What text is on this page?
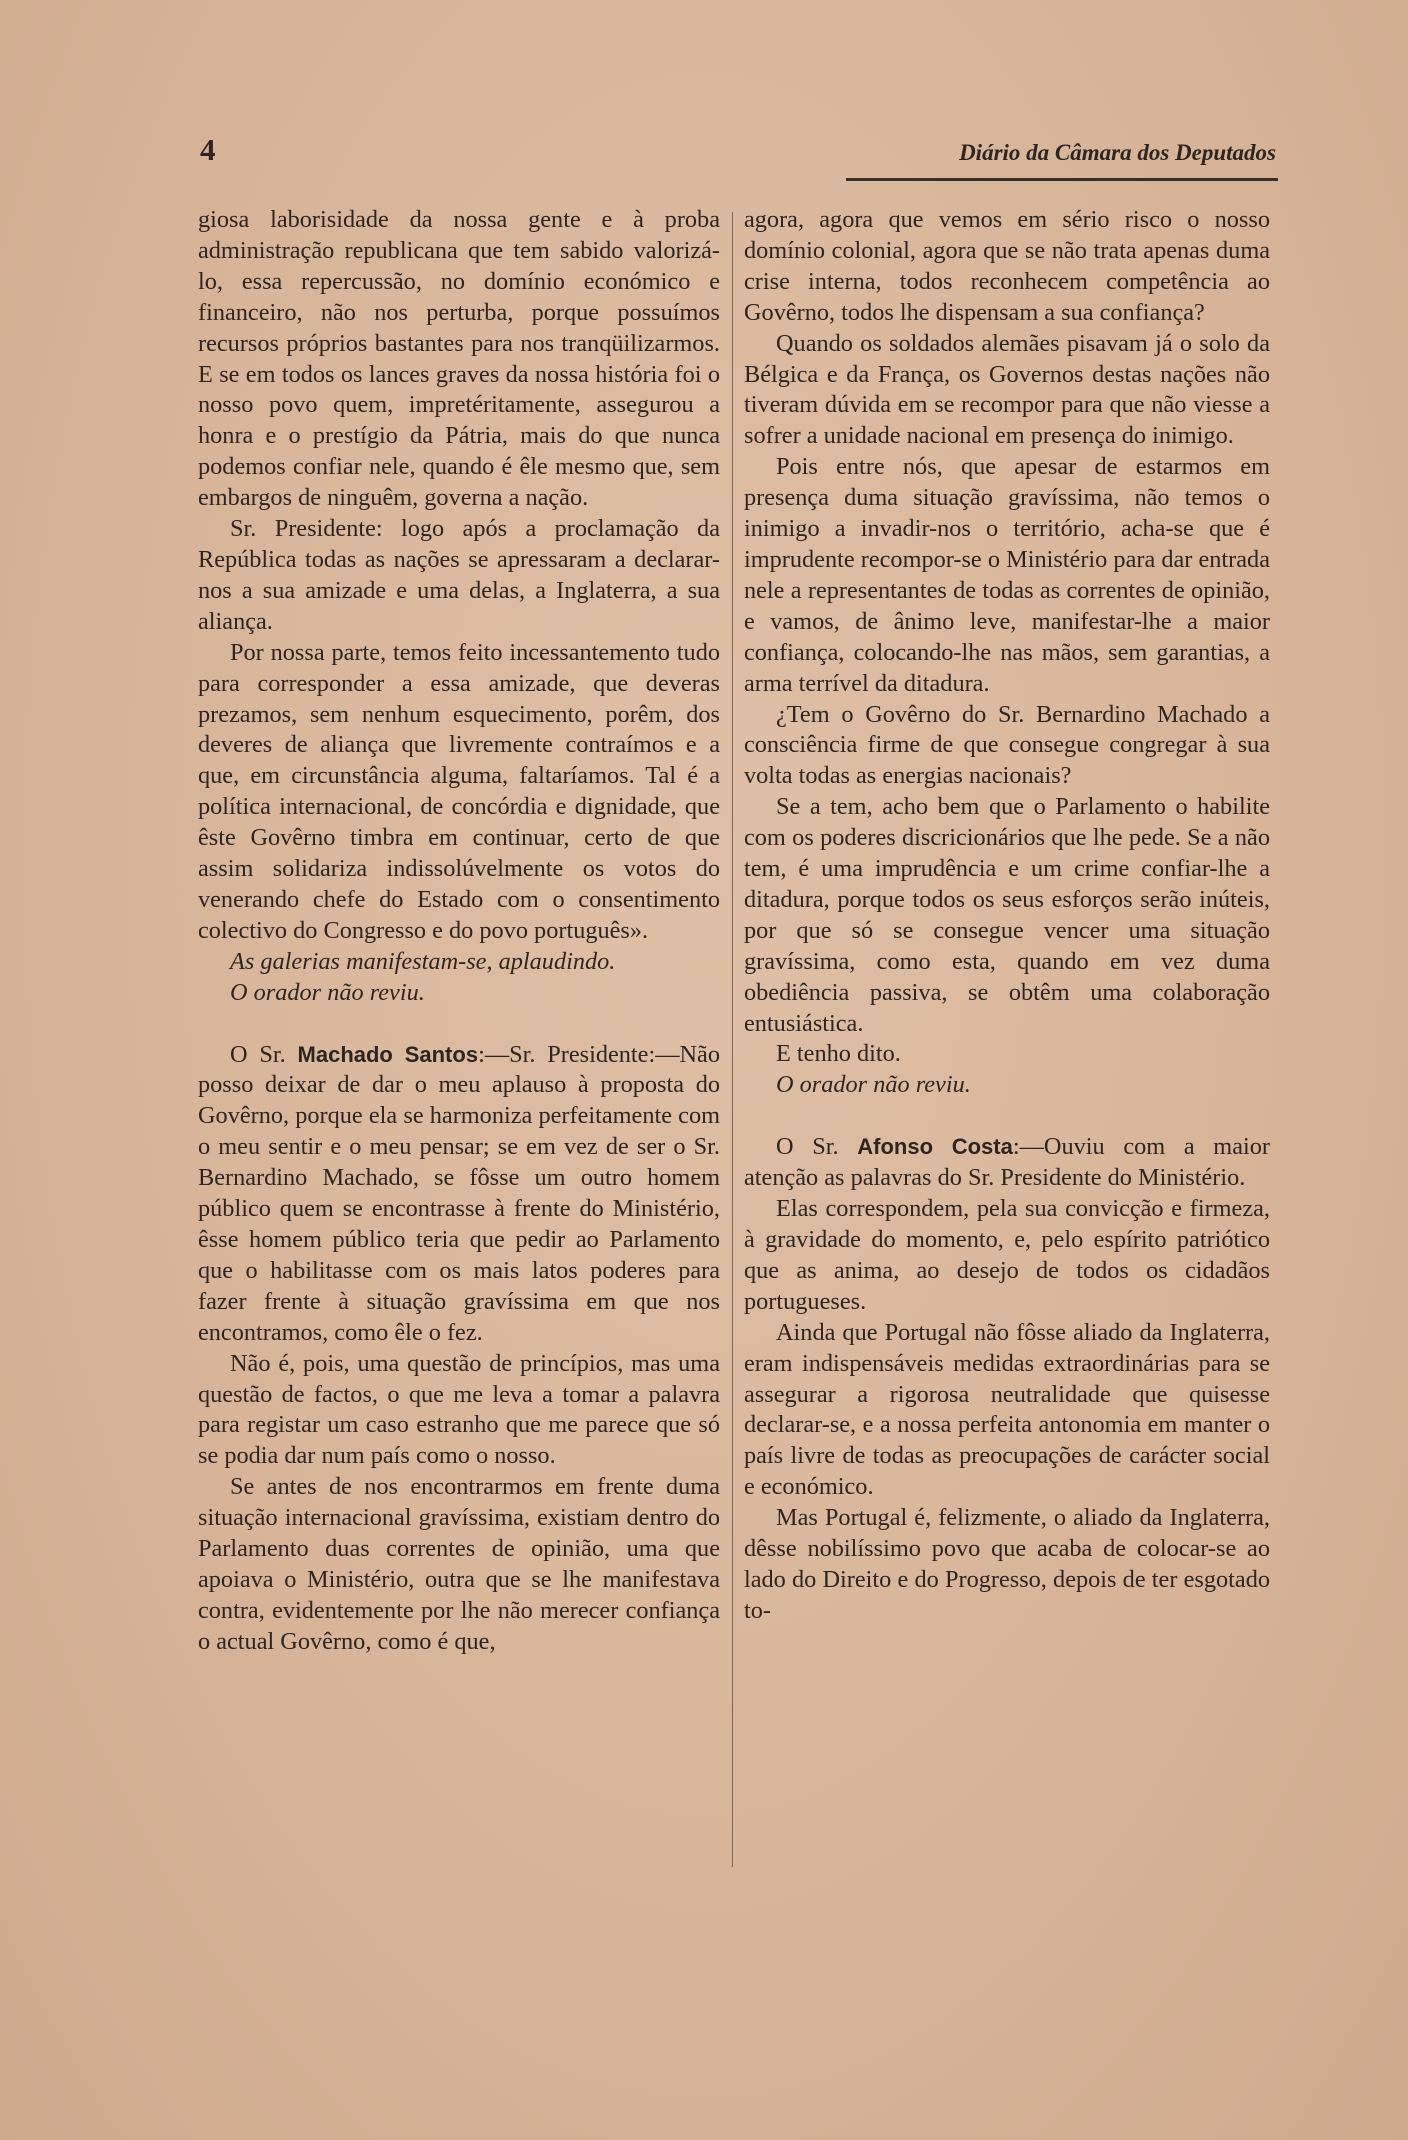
4	Diário da Câmara dos Deputados

giosa laborisidade da nossa gente e à proba administração republicana que tem sabido valorizá-lo, essa repercussão, no domínio económico e financeiro, não nos perturba, porque possuímos recursos próprios bastantes para nos tranqüilizarmos. E se em todos os lances graves da nossa história foi o nosso povo quem, impretéritamente, assegurou a honra e o prestígio da Pátria, mais do que nunca podemos confiar nele, quando é êle mesmo que, sem embargos de ninguêm, governa a nação.

Sr. Presidente: logo após a proclamação da República todas as nações se apressaram a declarar-nos a sua amizade e uma delas, a Inglaterra, a sua aliança.

Por nossa parte, temos feito incessantemento tudo para corresponder a essa amizade, que deveras prezamos, sem nenhum esquecimento, porêm, dos deveres de aliança que livremente contraímos e a que, em circunstância alguma, faltaríamos. Tal é a política internacional, de concórdia e dignidade, que êste Govêrno timbra em continuar, certo de que assim solidariza indissolúvelmente os votos do venerando chefe do Estado com o consentimento colectivo do Congresso e do povo português».

As galerias manifestam-se, aplaudindo.

O orador não reviu.

O Sr. Machado Santos:—Sr. Presidente:—Não posso deixar de dar o meu aplauso à proposta do Govêrno, porque ela se harmoniza perfeitamente com o meu sentir e o meu pensar; se em vez de ser o Sr. Bernardino Machado, se fôsse um outro homem público quem se encontrasse à frente do Ministério, êsse homem público teria que pedir ao Parlamento que o habilitasse com os mais latos poderes para fazer frente à situação gravíssima em que nos encontramos, como êle o fez.

Não é, pois, uma questão de princípios, mas uma questão de factos, o que me leva a tomar a palavra para registar um caso estranho que me parece que só se podia dar num país como o nosso.

Se antes de nos encontrarmos em frente duma situação internacional gravíssima, existiam dentro do Parlamento duas correntes de opinião, uma que apoiava o Ministério, outra que se lhe manifestava contra, evidentemente por lhe não merecer confiança o actual Govêrno, como é que,

agora, agora que vemos em sério risco o nosso domínio colonial, agora que se não trata apenas duma crise interna, todos reconhecem competência ao Govêrno, todos lhe dispensam a sua confiança?

Quando os soldados alemães pisavam já o solo da Bélgica e da França, os Governos destas nações não tiveram dúvida em se recompor para que não viesse a sofrer a unidade nacional em presença do inimigo.

Pois entre nós, que apesar de estarmos em presença duma situação gravíssima, não temos o inimigo a invadir-nos o território, acha-se que é imprudente recompor-se o Ministério para dar entrada nele a representantes de todas as correntes de opinião, e vamos, de ânimo leve, manifestar-lhe a maior confiança, colocando-lhe nas mãos, sem garantias, a arma terrível da ditadura.

¿Tem o Govêrno do Sr. Bernardino Machado a consciência firme de que consegue congregar à sua volta todas as energias nacionais?

Se a tem, acho bem que o Parlamento o habilite com os poderes discricionários que lhe pede. Se a não tem, é uma imprudência e um crime confiar-lhe a ditadura, porque todos os seus esforços serão inúteis, por que só se consegue vencer uma situação gravíssima, como esta, quando em vez duma obediência passiva, se obtêm uma colaboração entusiástica.

E tenho dito.

O orador não reviu.

O Sr. Afonso Costa:—Ouviu com a maior atenção as palavras do Sr. Presidente do Ministério.

Elas correspondem, pela sua convicção e firmeza, à gravidade do momento, e, pelo espírito patriótico que as anima, ao desejo de todos os cidadãos portugueses.

Ainda que Portugal não fôsse aliado da Inglaterra, eram indispensáveis medidas extraordinárias para se assegurar a rigorosa neutralidade que quisesse declarar-se, e a nossa perfeita antonomia em manter o país livre de todas as preocupações de carácter social e económico.

Mas Portugal é, felizmente, o aliado da Inglaterra, dêsse nobilíssimo povo que acaba de colocar-se ao lado do Direito e do Progresso, depois de ter esgotado to-
